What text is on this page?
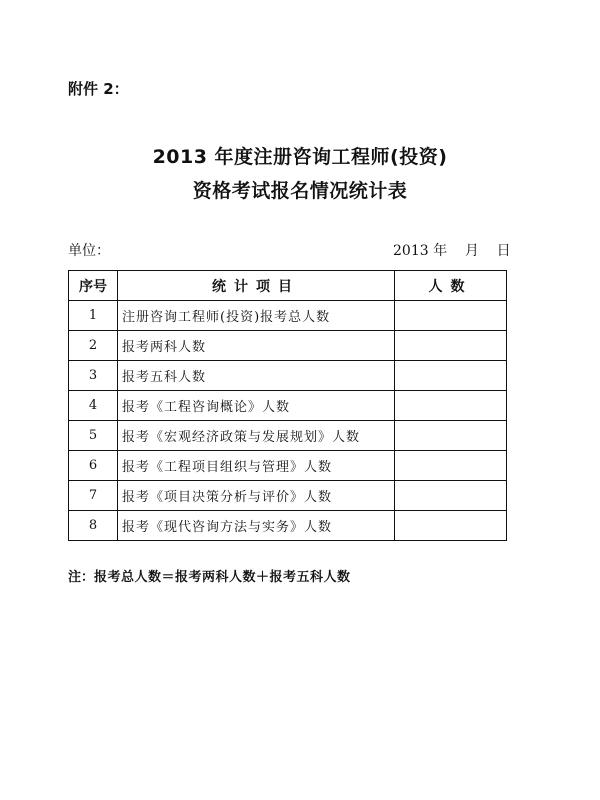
附件 2：
2013 年度注册咨询工程师(投资)
资格考试报名情况统计表
单位：	2013 年    月    日
序号	统计项目	人数
1	注册咨询工程师(投资)报考总人数	
2	报考两科人数	
3	报考五科人数	
4	报考《工程咨询概论》人数	
5	报考《宏观经济政策与发展规划》人数	
6	报考《工程项目组织与管理》人数	
7	报考《项目决策分析与评价》人数	
8	报考《现代咨询方法与实务》人数	
注：报考总人数＝报考两科人数＋报考五科人数
